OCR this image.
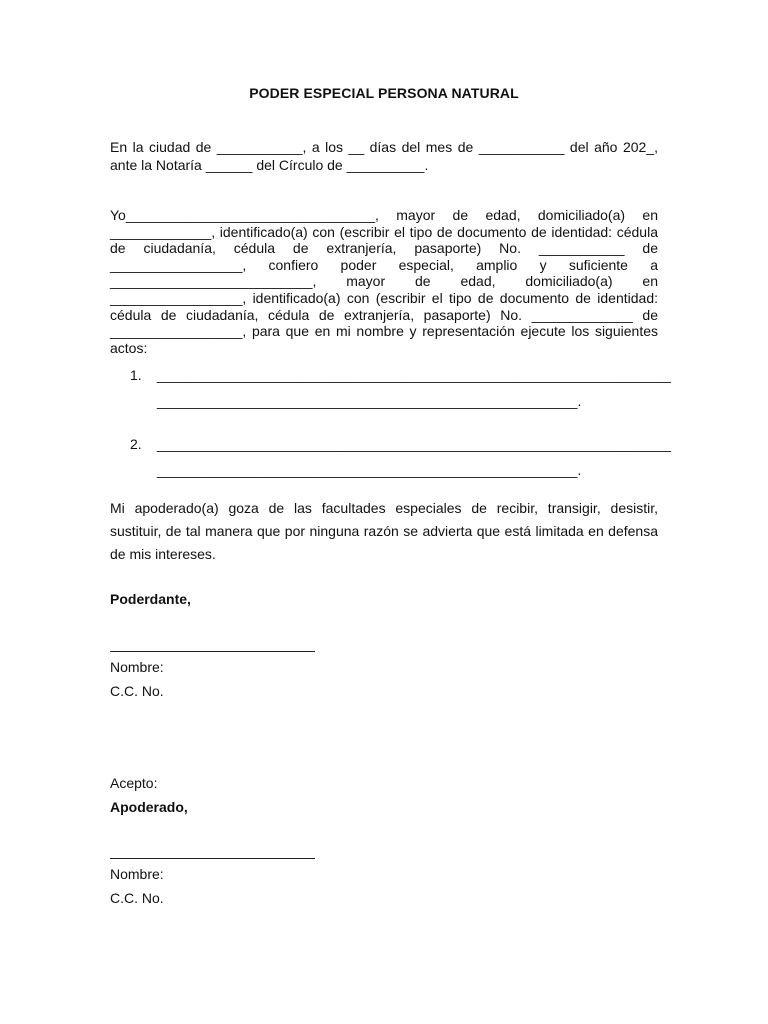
PODER ESPECIAL PERSONA NATURAL
En la ciudad de ___________, a los __ días del mes de ___________ del año 202_,
ante la Notaría ______ del Círculo de __________.
Yo________________________________, mayor de edad, domiciliado(a) en
_____________, identificado(a) con (escribir el tipo de documento de identidad: cédula
de ciudadanía, cédula de extranjería, pasaporte) No. ___________ de
_________________, confiero poder especial, amplio y suficiente a
__________________________, mayor de edad, domiciliado(a) en
_________________, identificado(a) con (escribir el tipo de documento de identidad:
cédula de ciudadanía, cédula de extranjería, pasaporte) No. _____________ de
_________________, para que en mi nombre y representación ejecute los siguientes
actos:
1. __________________________________________________________________
______________________________________________________.
2. __________________________________________________________________
______________________________________________________.
Mi apoderado(a) goza de las facultades especiales de recibir, transigir, desistir,
sustituir, de tal manera que por ninguna razón se advierta que está limitada en defensa
de mis intereses.
Poderdante,
Nombre:
C.C. No.
Acepto:
Apoderado,
Nombre:
C.C. No.
